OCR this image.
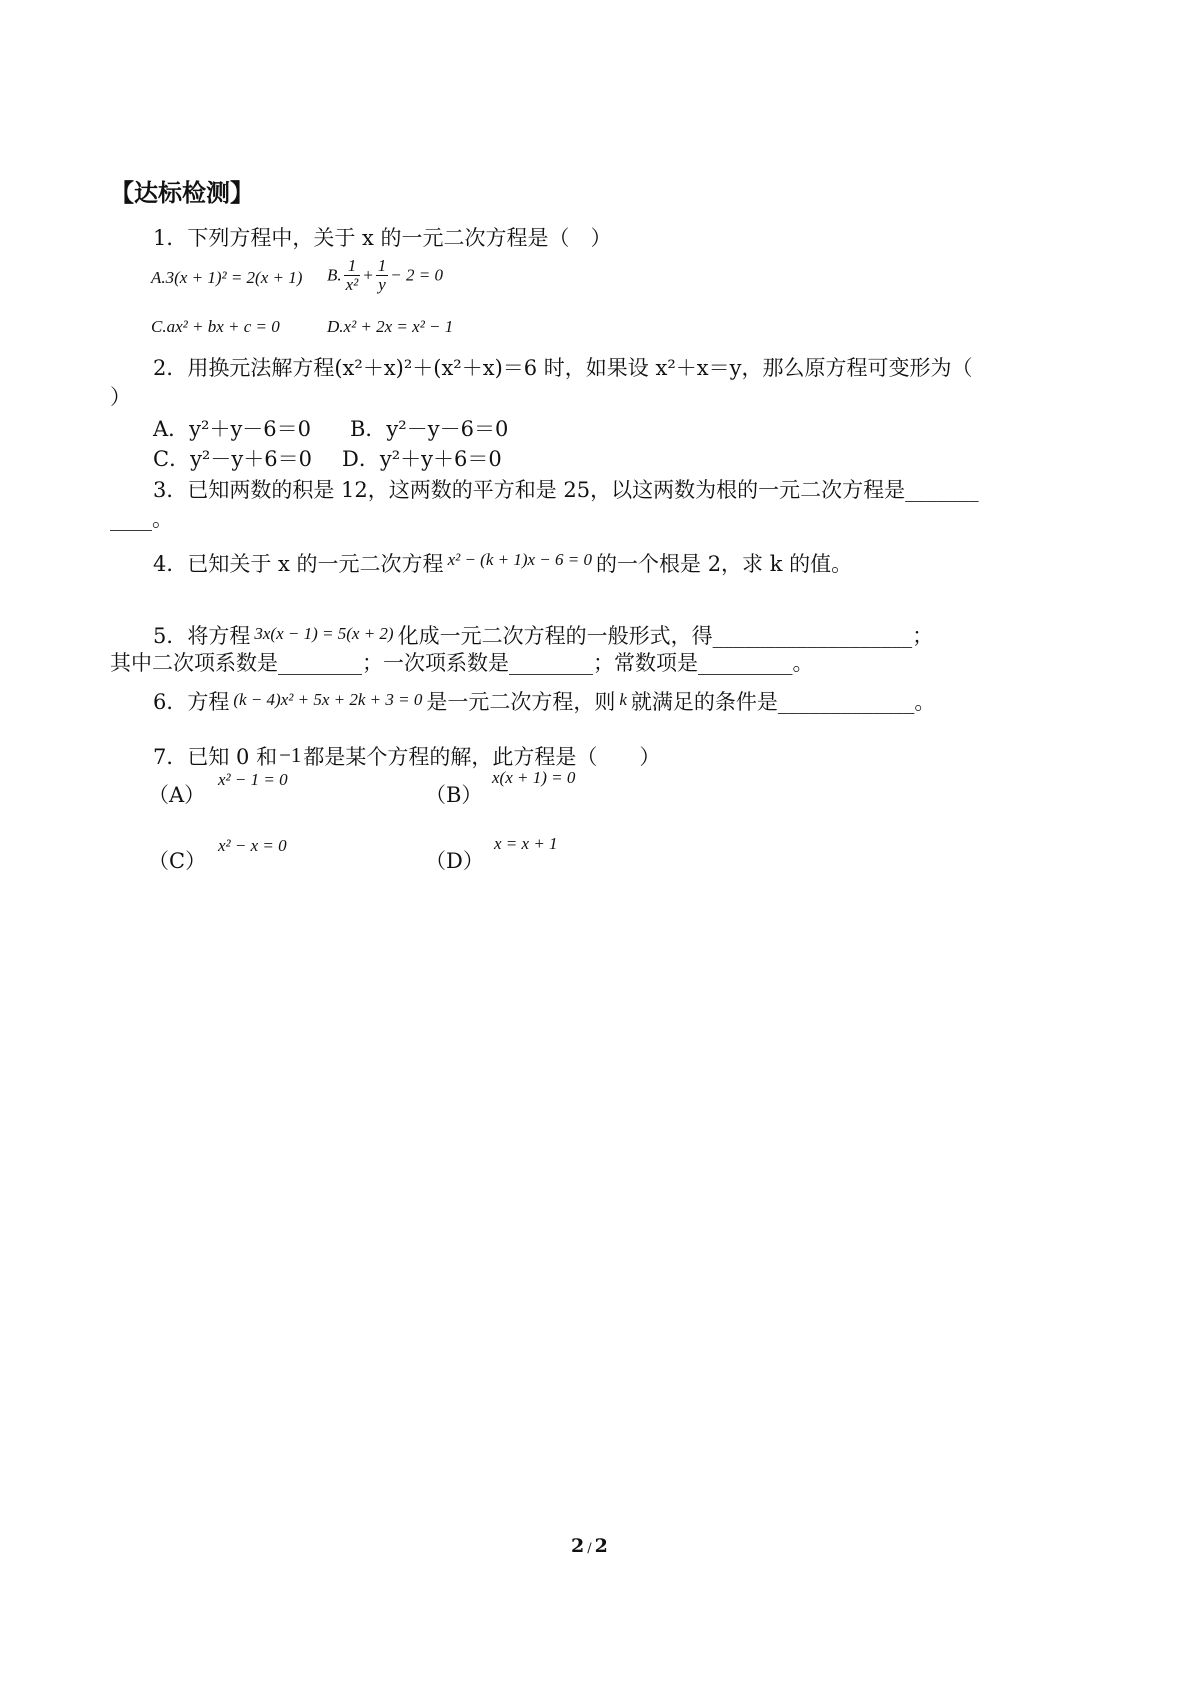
【达标检测】
1．下列方程中，关于 x 的一元二次方程是（　）
A.3(x + 1)² = 2(x + 1) B. $\frac{1}{\text{x²}} + \frac{1}{y} - 2 = 0$
C.ax² + bx + c = 0	D.x² + 2x = x² − 1
2．用换元法解方程(x²＋x)²＋(x²＋x)＝6 时，如果设 x²＋x＝y，那么原方程可变形为（
）
A．y²＋y－6＝0 B．y²－y－6＝0
C．y²－y＋6＝0 D．y²＋y＋6＝0
3．已知两数的积是 12，这两数的平方和是 25，以这两数为根的一元二次方程是_______
____。
4．已知关于 x 的一元二次方程 $^{x^2 - (k + 1)x - 6 = 0}$ 的一个根是 2，求 k 的值。
5．将方程 3x(x − 1) = 5(x + 2) 化成一元二次方程的一般形式，得___________________；
其中二次项系数是________；一次项系数是________；常数项是_________。
6．方程 (k − 4)x² + 5x + 2k + 3 = 0 是一元二次方程，则 k 就满足的条件是_____________。
7．已知 0 和−1都是某个方程的解，此方程是（　　）
（A）
x² − 1 = 0
（B）
x(x + 1) = 0
（C）
x² − x = 0
（D）
x = x + 1
2 / 2
